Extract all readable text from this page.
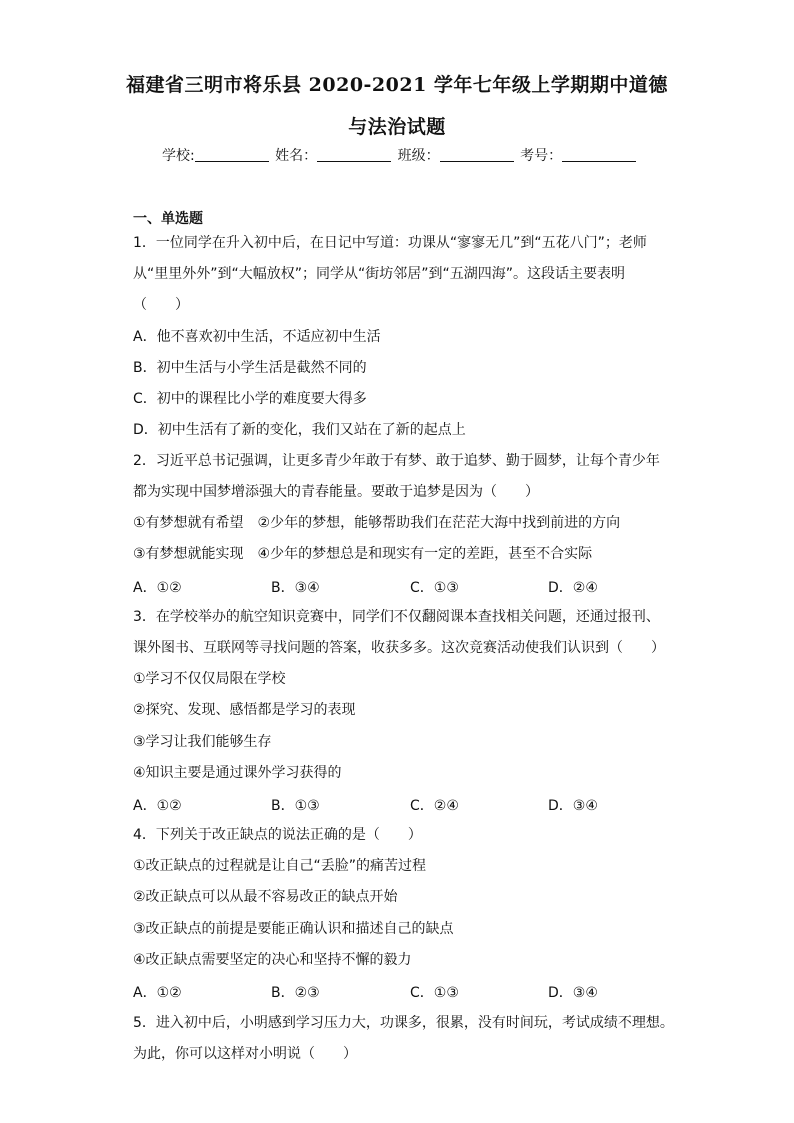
福建省三明市将乐县 2020-2021 学年七年级上学期期中道德
与法治试题
学校:	姓名：	班级：	考号：
一、单选题
1．一位同学在升入初中后，在日记中写道：功课从“寥寥无几”到“五花八门”；老师
从“里里外外”到“大幅放权”；同学从“街坊邻居”到“五湖四海”。这段话主要表明
（　　）
A．他不喜欢初中生活，不适应初中生活
B．初中生活与小学生活是截然不同的
C．初中的课程比小学的难度要大得多
D．初中生活有了新的变化，我们又站在了新的起点上
2．习近平总书记强调，让更多青少年敢于有梦、敢于追梦、勤于圆梦，让每个青少年
都为实现中国梦增添强大的青春能量。要敢于追梦是因为（　　）
①有梦想就有希望　②少年的梦想，能够帮助我们在茫茫大海中找到前进的方向
③有梦想就能实现　④少年的梦想总是和现实有一定的差距，甚至不合实际
A．①②	B．③④	C．①③	D．②④
3．在学校举办的航空知识竞赛中，同学们不仅翻阅课本查找相关问题，还通过报刊、
课外图书、互联网等寻找问题的答案，收获多多。这次竞赛活动使我们认识到（　　）
①学习不仅仅局限在学校
②探究、发现、感悟都是学习的表现
③学习让我们能够生存
④知识主要是通过课外学习获得的
A．①②	B．①③	C．②④	D．③④
4．下列关于改正缺点的说法正确的是（　　）
①改正缺点的过程就是让自己“丢脸”的痛苦过程
②改正缺点可以从最不容易改正的缺点开始
③改正缺点的前提是要能正确认识和描述自己的缺点
④改正缺点需要坚定的决心和坚持不懈的毅力
A．①②	B．②③	C．①③	D．③④
5．进入初中后，小明感到学习压力大，功课多，很累，没有时间玩，考试成绩不理想。
为此，你可以这样对小明说（　　）
